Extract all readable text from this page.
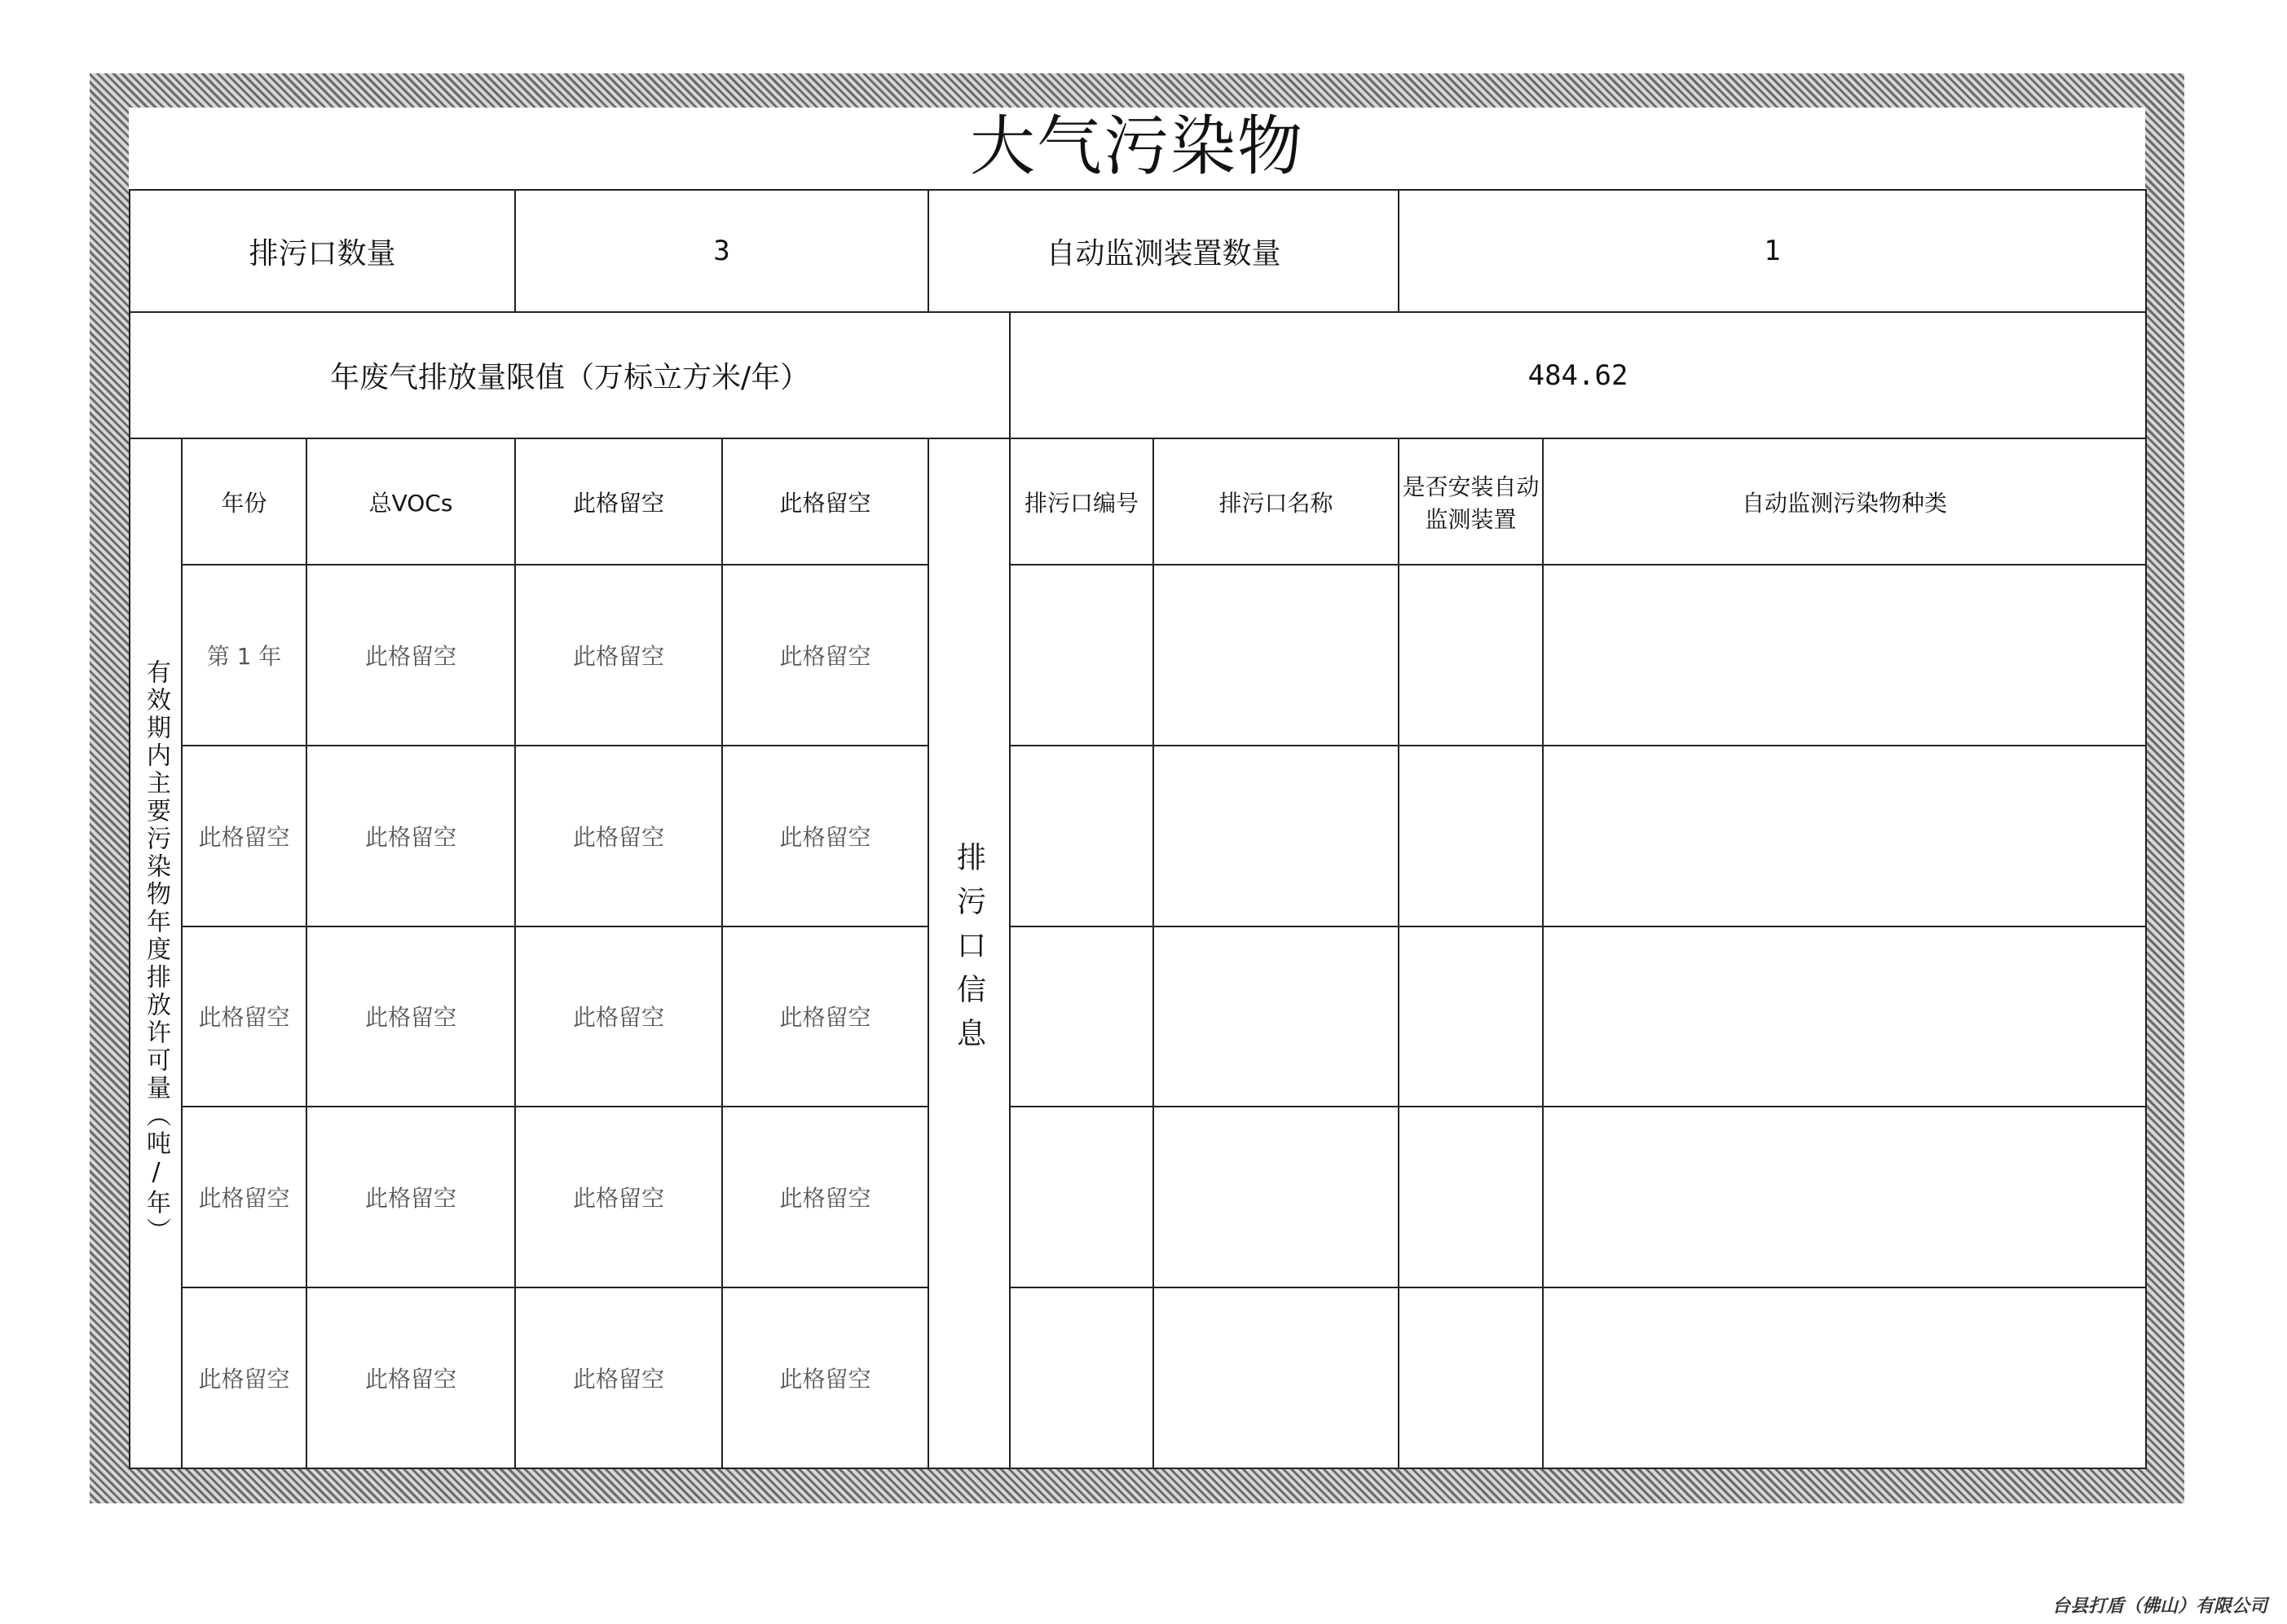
大气污染物
排污口数量			3		自动监测装置数量			1	
年废气排放量限值（万标立方米/年）						484.62			
有效期内主要污染物年度排放许可量（吨/年）	年份	总VOCs	此格留空	此格留空	排污口信息	排污口编号	排污口名称	是否安装自动监测装置	自动监测污染物种类
	第 1 年	此格留空	此格留空	此格留空					
	此格留空	此格留空	此格留空	此格留空					
	此格留空	此格留空	此格留空	此格留空					
	此格留空	此格留空	此格留空	此格留空					
	此格留空	此格留空	此格留空	此格留空					
台县打盾（佛山）有限公司
